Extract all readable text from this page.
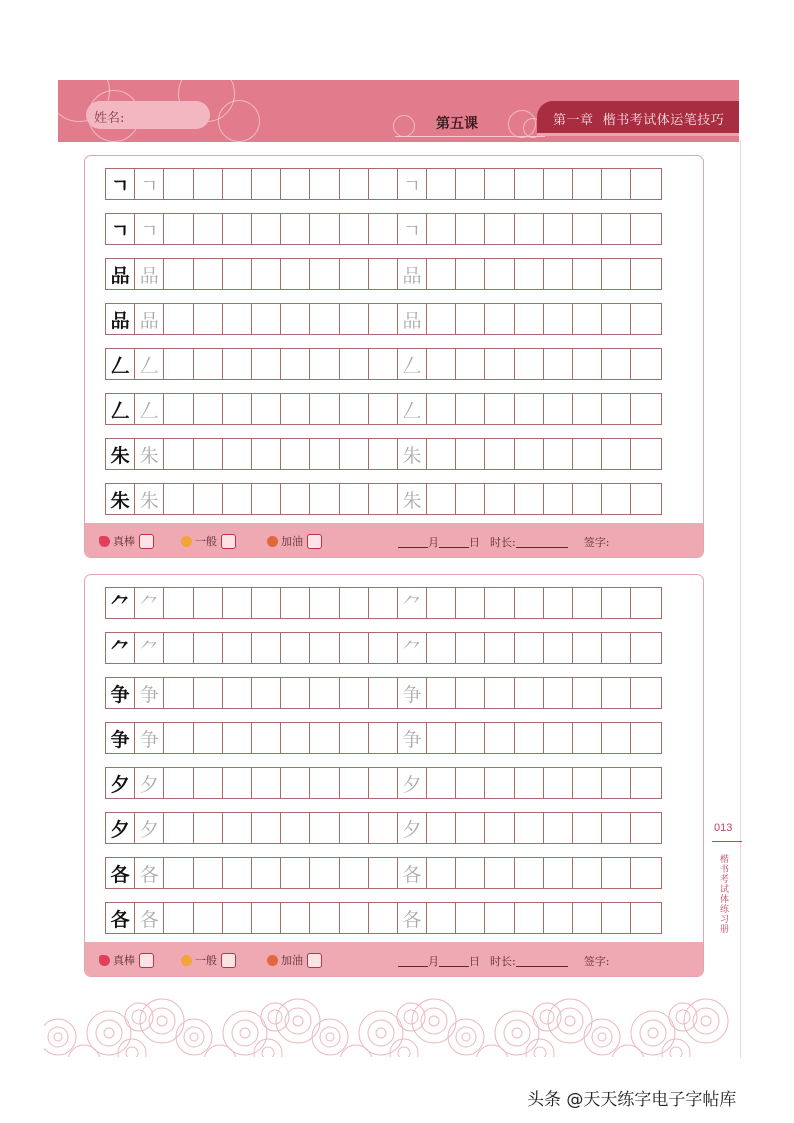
姓名:	第五课	第一章  楷书考试体运笔技巧
真棒	一般	加油	月	日 时长:	签字:
ㄱ ㄱ	ㄱ
ㄱ ㄱ	ㄱ
品 品	品
品 品	品
𠃋 𠃋	𠃋
𠃋 𠃋	𠃋
朱 朱	朱
朱 朱	朱
真棒	一般	加油	月	日 时长:	签字:
⺈ ⺈	⺈
⺈ ⺈	⺈
争 争	争
争 争	争
夕 夕	夕
夕 夕	夕
各 各	各
各 各	各
013
楷书考试体练习册
头条 @天天练字电子字帖库
